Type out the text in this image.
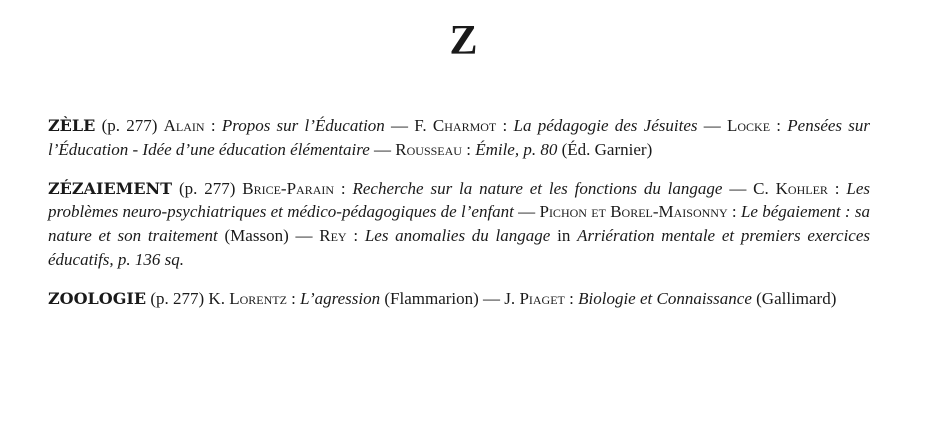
Z

ZÈLE (p. 277) Alain : Propos sur l’Éducation — F. Charmot : La pédagogie des Jésuites — Locke : Pensées sur l’Éducation - Idée d’une éducation élémentaire — Rousseau : Émile, p. 80 (Éd. Garnier)

ZÉZAIEMENT (p. 277) Brice-Parain : Recherche sur la nature et les fonctions du langage — C. Kohler : Les problèmes neuro-psychiatriques et médico-pédagogiques de l’enfant — Pichon et Borel-Maisonny : Le bégaiement : sa nature et son traitement (Masson) — Rey : Les anomalies du langage in Arriération mentale et premiers exercices éducatifs, p. 136 sq.

ZOOLOGIE (p. 277) K. Lorentz : L’agression (Flammarion) — J. Piaget : Biologie et Connaissance (Gallimard)
